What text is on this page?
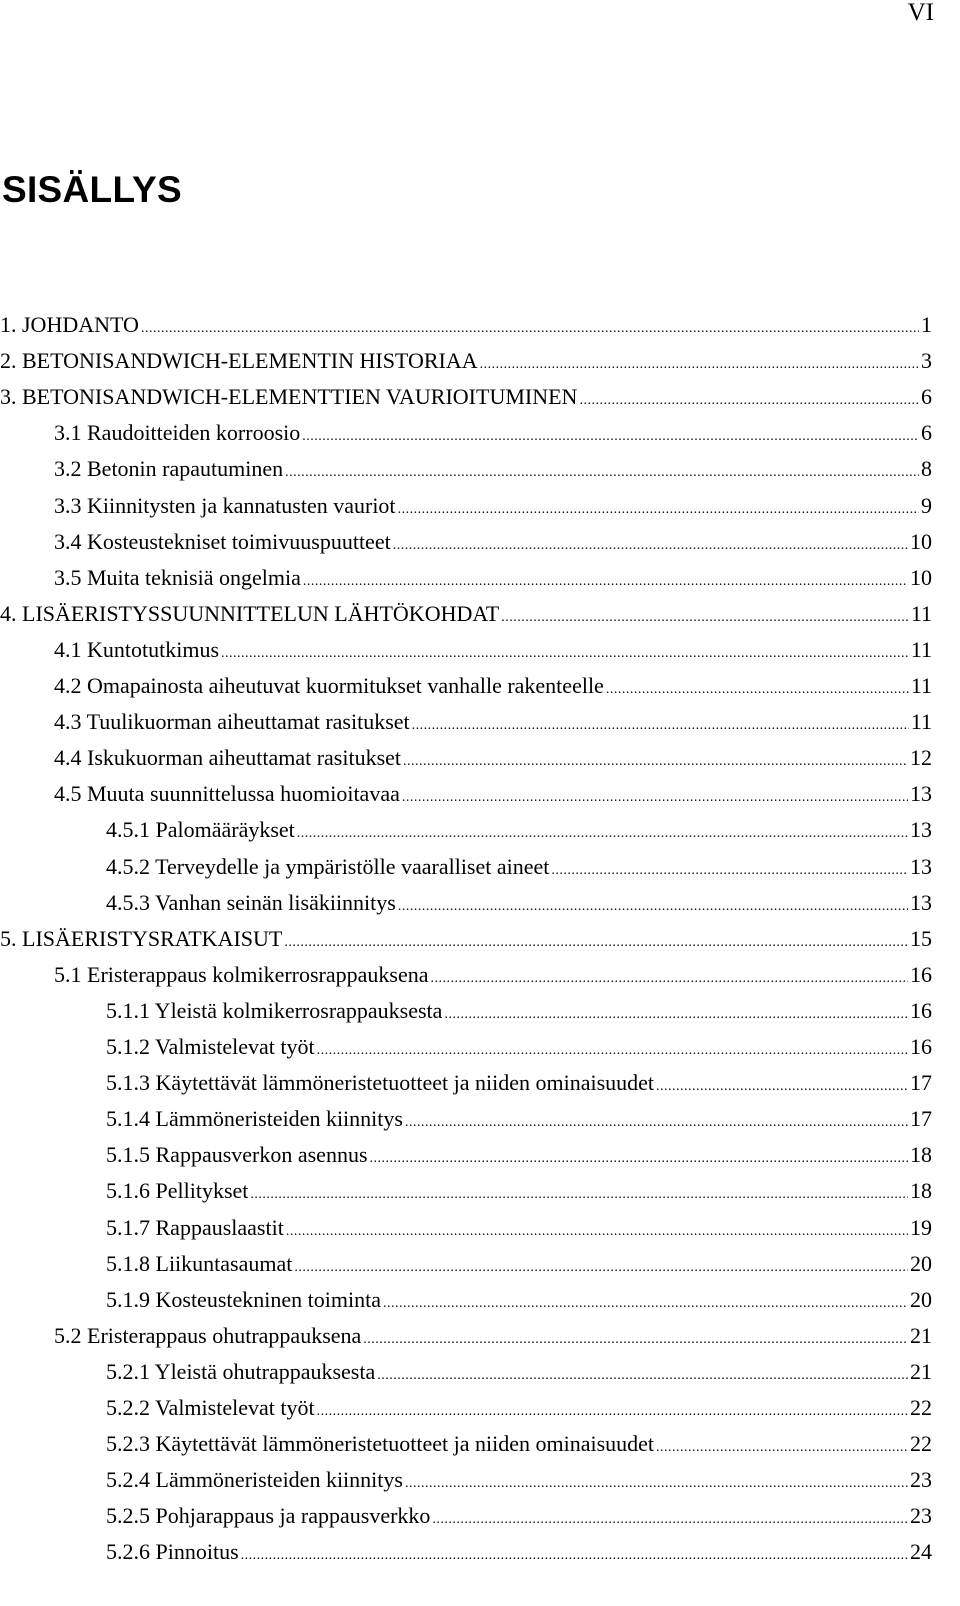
VI
SISÄLLYS
1. JOHDANTO .....	1
2. BETONISANDWICH-ELEMENTIN HISTORIAA .....	3
3. BETONISANDWICH-ELEMENTTIEN VAURIOITUMINEN .....	6
3.1 Raudoitteiden korroosio .....	6
3.2 Betonin rapautuminen .....	8
3.3 Kiinnitysten ja kannatusten vauriot .....	9
3.4 Kosteustekniset toimivuuspuutteet .....	10
3.5 Muita teknisiä ongelmia .....	10
4. LISÄERISTYSSUUNNITTELUN LÄHTÖKOHDAT .....	11
4.1 Kuntotutkimus .....	11
4.2 Omapainosta aiheutuvat kuormitukset vanhalle rakenteelle .....	11
4.3 Tuulikuorman aiheuttamat rasitukset .....	11
4.4 Iskukuorman aiheuttamat rasitukset .....	12
4.5 Muuta suunnittelussa huomioitavaa .....	13
4.5.1 Palomääräykset .....	13
4.5.2 Terveydelle ja ympäristölle vaaralliset aineet .....	13
4.5.3 Vanhan seinän lisäkiinnitys .....	13
5. LISÄERISTYSRATKAISUT .....	15
5.1 Eristerappaus kolmikerrosrappauksena .....	16
5.1.1 Yleistä kolmikerrosrappauksesta .....	16
5.1.2 Valmistelevat työt .....	16
5.1.3 Käytettävät lämmöneristetuotteet ja niiden ominaisuudet .....	17
5.1.4 Lämmöneristeiden kiinnitys .....	17
5.1.5 Rappausverkon asennus .....	18
5.1.6 Pellitykset .....	18
5.1.7 Rappauslaastit .....	19
5.1.8 Liikuntasaumat .....	20
5.1.9 Kosteustekninen toiminta .....	20
5.2 Eristerappaus ohutrappauksena .....	21
5.2.1 Yleistä ohutrappauksesta .....	21
5.2.2 Valmistelevat työt .....	22
5.2.3 Käytettävät lämmöneristetuotteet ja niiden ominaisuudet .....	22
5.2.4 Lämmöneristeiden kiinnitys .....	23
5.2.5 Pohjarappaus ja rappausverkko .....	23
5.2.6 Pinnoitus .....	24
